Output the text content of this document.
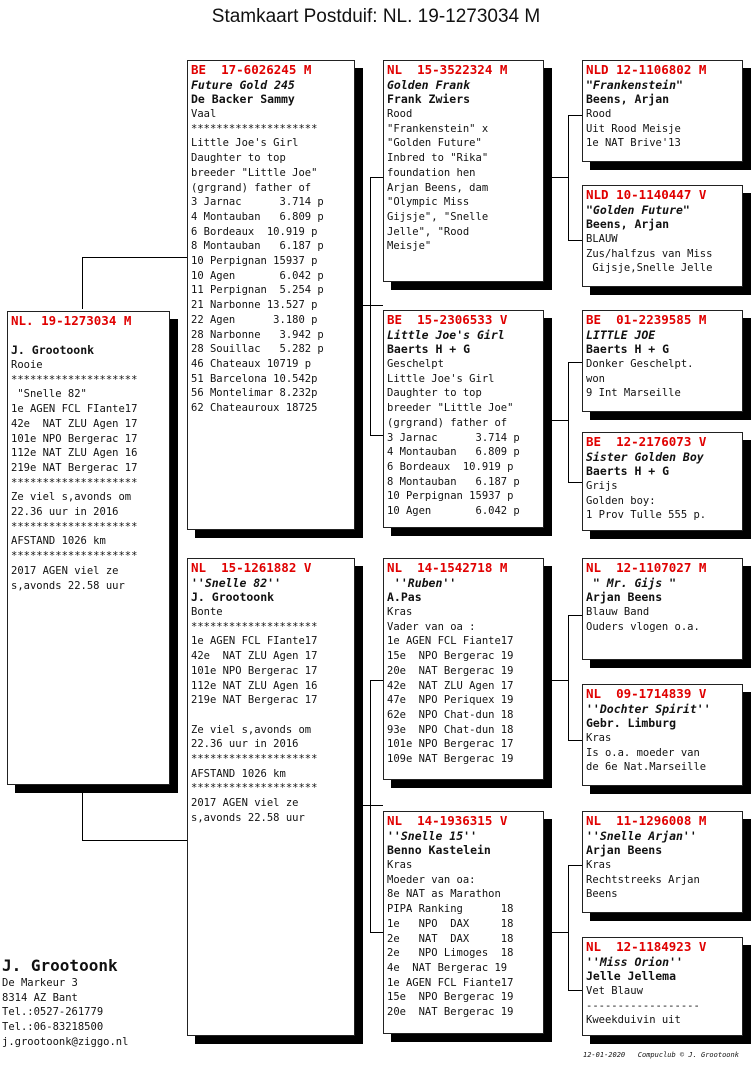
Stamkaart Postduif: NL. 19-1273034 M
NL. 19-1273034 M
J. Grootoonk
Rooie
********************
"Snelle 82"
1e AGEN FCL FIante17
42e  NAT ZLU Agen 17
101e NPO Bergerac 17
112e NAT ZLU Agen 16
219e NAT Bergerac 17
********************
Ze viel s,avonds om
22.36 uur in 2016
********************
AFSTAND 1026 km
********************
2017 AGEN viel ze
s,avonds 22.58 uur
BE  17-6026245 M
Future Gold 245
De Backer Sammy
Vaal
********************
Little Joe's Girl
Daughter to top
breeder "Little Joe"
(grgrand) father of
3 Jarnac      3.714 p
4 Montauban   6.809 p
6 Bordeaux  10.919 p
8 Montauban   6.187 p
10 Perpignan 15937 p
10 Agen       6.042 p
11 Perpignan  5.254 p
21 Narbonne 13.527 p
22 Agen      3.180 p
28 Narbonne   3.942 p
28 Souillac   5.282 p
46 Chateaux 10719 p
51 Barcelona 10.542p
56 Montelimar 8.232p
62 Chateauroux 18725
NL  15-1261882 V
''Snelle 82''
J. Grootoonk
Bonte
********************
1e AGEN FCL FIante17
42e  NAT ZLU Agen 17
101e NPO Bergerac 17
112e NAT ZLU Agen 16
219e NAT Bergerac 17

Ze viel s,avonds om
22.36 uur in 2016
********************
AFSTAND 1026 km
********************
2017 AGEN viel ze
s,avonds 22.58 uur
NL  15-3522324 M
Golden Frank
Frank Zwiers
Rood
"Frankenstein" x
"Golden Future"
Inbred to "Rika"
foundation hen
Arjan Beens, dam
"Olympic Miss
Gijsje", "Snelle
Jelle", "Rood
Meisje"
BE  15-2306533 V
Little Joe's Girl
Baerts H + G
Geschelpt
Little Joe's Girl
Daughter to top
breeder "Little Joe"
(grgrand) father of
3 Jarnac      3.714 p
4 Montauban   6.809 p
6 Bordeaux  10.919 p
8 Montauban   6.187 p
10 Perpignan 15937 p
10 Agen       6.042 p
NL  14-1542718 M
''Ruben''
A.Pas
Kras
Vader van oa :
1e AGEN FCL Fiante17
15e  NPO Bergerac 19
20e  NAT Bergerac 19
42e  NAT ZLU Agen 17
47e  NPO Periquex 19
62e  NPO Chat-dun 18
93e  NPO Chat-dun 18
101e NPO Bergerac 17
109e NAT Bergerac 19
NL  14-1936315 V
''Snelle 15''
Benno Kastelein
Kras
Moeder van oa:
8e NAT as Marathon
PIPA Ranking      18
1e   NPO  DAX     18
2e   NAT  DAX     18
2e   NPO Limoges  18
4e  NAT Bergerac 19
1e AGEN FCL Fiante17
15e  NPO Bergerac 19
20e  NAT Bergerac 19
NLD 12-1106802 M
"Frankenstein"
Beens, Arjan
Rood
Uit Rood Meisje
1e NAT Brive'13
NLD 10-1140447 V
"Golden Future"
Beens, Arjan
BLAUW
Zus/halfzus van Miss
Gijsje,Snelle Jelle
BE  01-2239585 M
LITTLE JOE
Baerts H + G
Donker Geschelpt.
won
9 Int Marseille
BE  12-2176073 V
Sister Golden Boy
Baerts H + G
Grijs
Golden boy:
1 Prov Tulle 555 p.
NL  12-1107027 M
" Mr. Gijs "
Arjan Beens
Blauw Band
Ouders vlogen o.a.
NL  09-1714839 V
''Dochter Spirit''
Gebr. Limburg
Kras
Is o.a. moeder van
de 6e Nat.Marseille
NL  11-1296008 M
''Snelle Arjan''
Arjan Beens
Kras
Rechtstreeks Arjan
Beens
NL  12-1184923 V
''Miss Orion''
Jelle Jellema
Vet Blauw
------------------
Kweekduivin uit
J. Grootoonk
De Markeur 3
8314 AZ Bant
Tel.:0527-261779
Tel.:06-83218500
j.grootoonk@ziggo.nl
12-01-2020   Compuclub © J. Grootoonk
